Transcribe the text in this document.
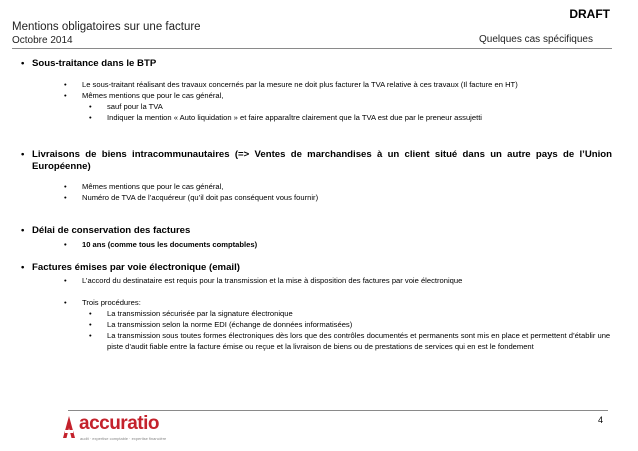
DRAFT
Mentions obligatoires sur une facture
Octobre 2014	Quelques cas spécifiques
• Sous-traitance dans le BTP
• Le sous-traitant réalisant des travaux concernés par la mesure ne doit plus facturer la TVA relative à ces travaux (Il facture en HT)
• Mêmes mentions que pour le cas général,
• sauf pour la TVA
• Indiquer la mention « Auto liquidation » et faire apparaître clairement que la TVA est due par le preneur assujetti
• Livraisons de biens intracommunautaires (=> Ventes de marchandises à un client situé dans un autre pays de l’Union Européenne)
• Mêmes mentions que pour le cas général,
• Numéro de TVA de l’acquéreur (qu’il doit pas conséquent vous fournir)
• Délai de conservation des factures
• 10 ans (comme tous les documents comptables)
• Factures émises par voie électronique (email)
• L’accord du destinataire est requis pour la transmission et la mise à disposition des factures par voie électronique
• Trois procédures:
• La transmission sécurisée par la signature électronique
• La transmission selon la norme EDI (échange de données informatisées)
• La transmission sous toutes formes électroniques dès lors que des contrôles documentés et permanents sont mis en place et permettent d’établir une piste d’audit fiable entre la facture émise ou reçue et la livraison de biens ou de prestations de services qui en est le fondement
accuratio
audit · expertise comptable · expertise financière
4
